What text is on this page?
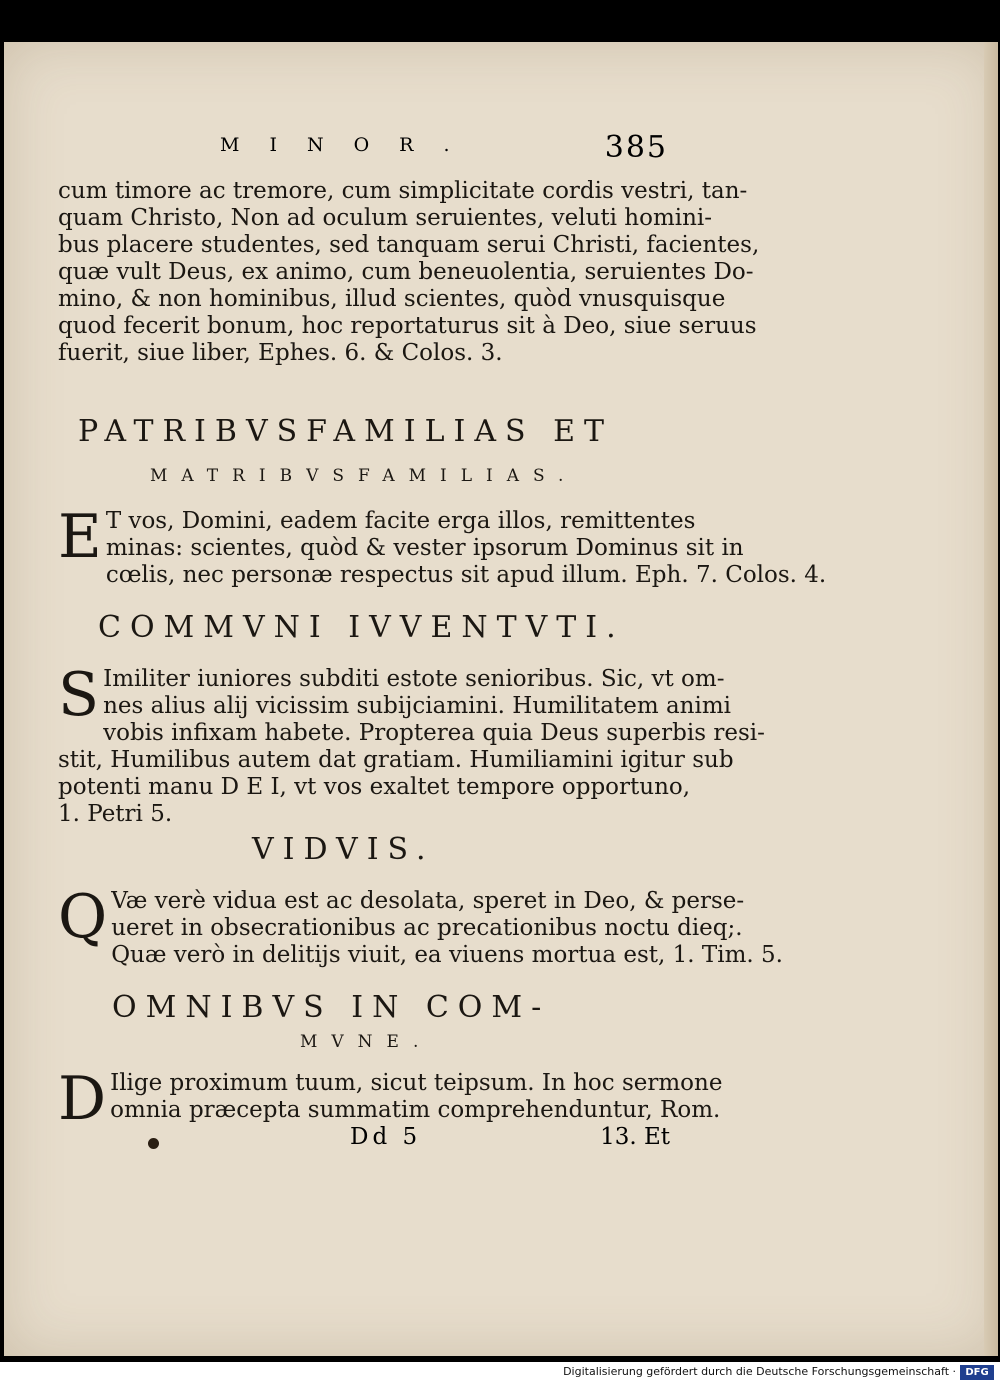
MINOR.	385
cum timore ac tremore, cum simplicitate cordis vestri, tan-
quam Christo, Non ad oculum seruientes, veluti homini-
bus placere studentes, sed tanquam serui Christi, facientes,
quæ vult Deus, ex animo, cum beneuolentia, seruientes Do-
mino, & non hominibus, illud scientes, quòd vnusquisque
quod fecerit bonum, hoc reportaturus sit à Deo, siue seruus
fuerit, siue liber, Ephes. 6. & Colos. 3.
PATRIBVSFAMILIAS ET
MATRIBVSFAMILIAS.
E T vos, Domini, eadem facite erga illos, remittentes
minas: scientes, quòd & vester ipsorum Dominus sit in
cœlis, nec personæ respectus sit apud illum. Eph. 7. Colos. 4.
COMMVNI IVVENTVTI.
S Imiliter iuniores subditi estote senioribus. Sic, vt om-
nes alius alij vicissim subijciamini. Humilitatem animi
vobis infixam habete. Propterea quia Deus superbis resi-
stit, Humilibus autem dat gratiam. Humiliamini igitur sub
potenti manu D E I, vt vos exaltet tempore opportuno,
1. Petri 5.
VIDVIS.
Q Væ verè vidua est ac desolata, speret in Deo, & perse-
ueret in obsecrationibus ac precationibus noctu dieq;.
Quæ verò in delitijs viuit, ea viuens mortua est, 1. Tim. 5.
OMNIBVS IN COM-
MVNE.
D Ilige proximum tuum, sicut teipsum. In hoc sermone
omnia præcepta summatim comprehenduntur, Rom.
Dd 5	13. Et
Digitalisierung gefördert durch die Deutsche Forschungsgemeinschaft · DFG
